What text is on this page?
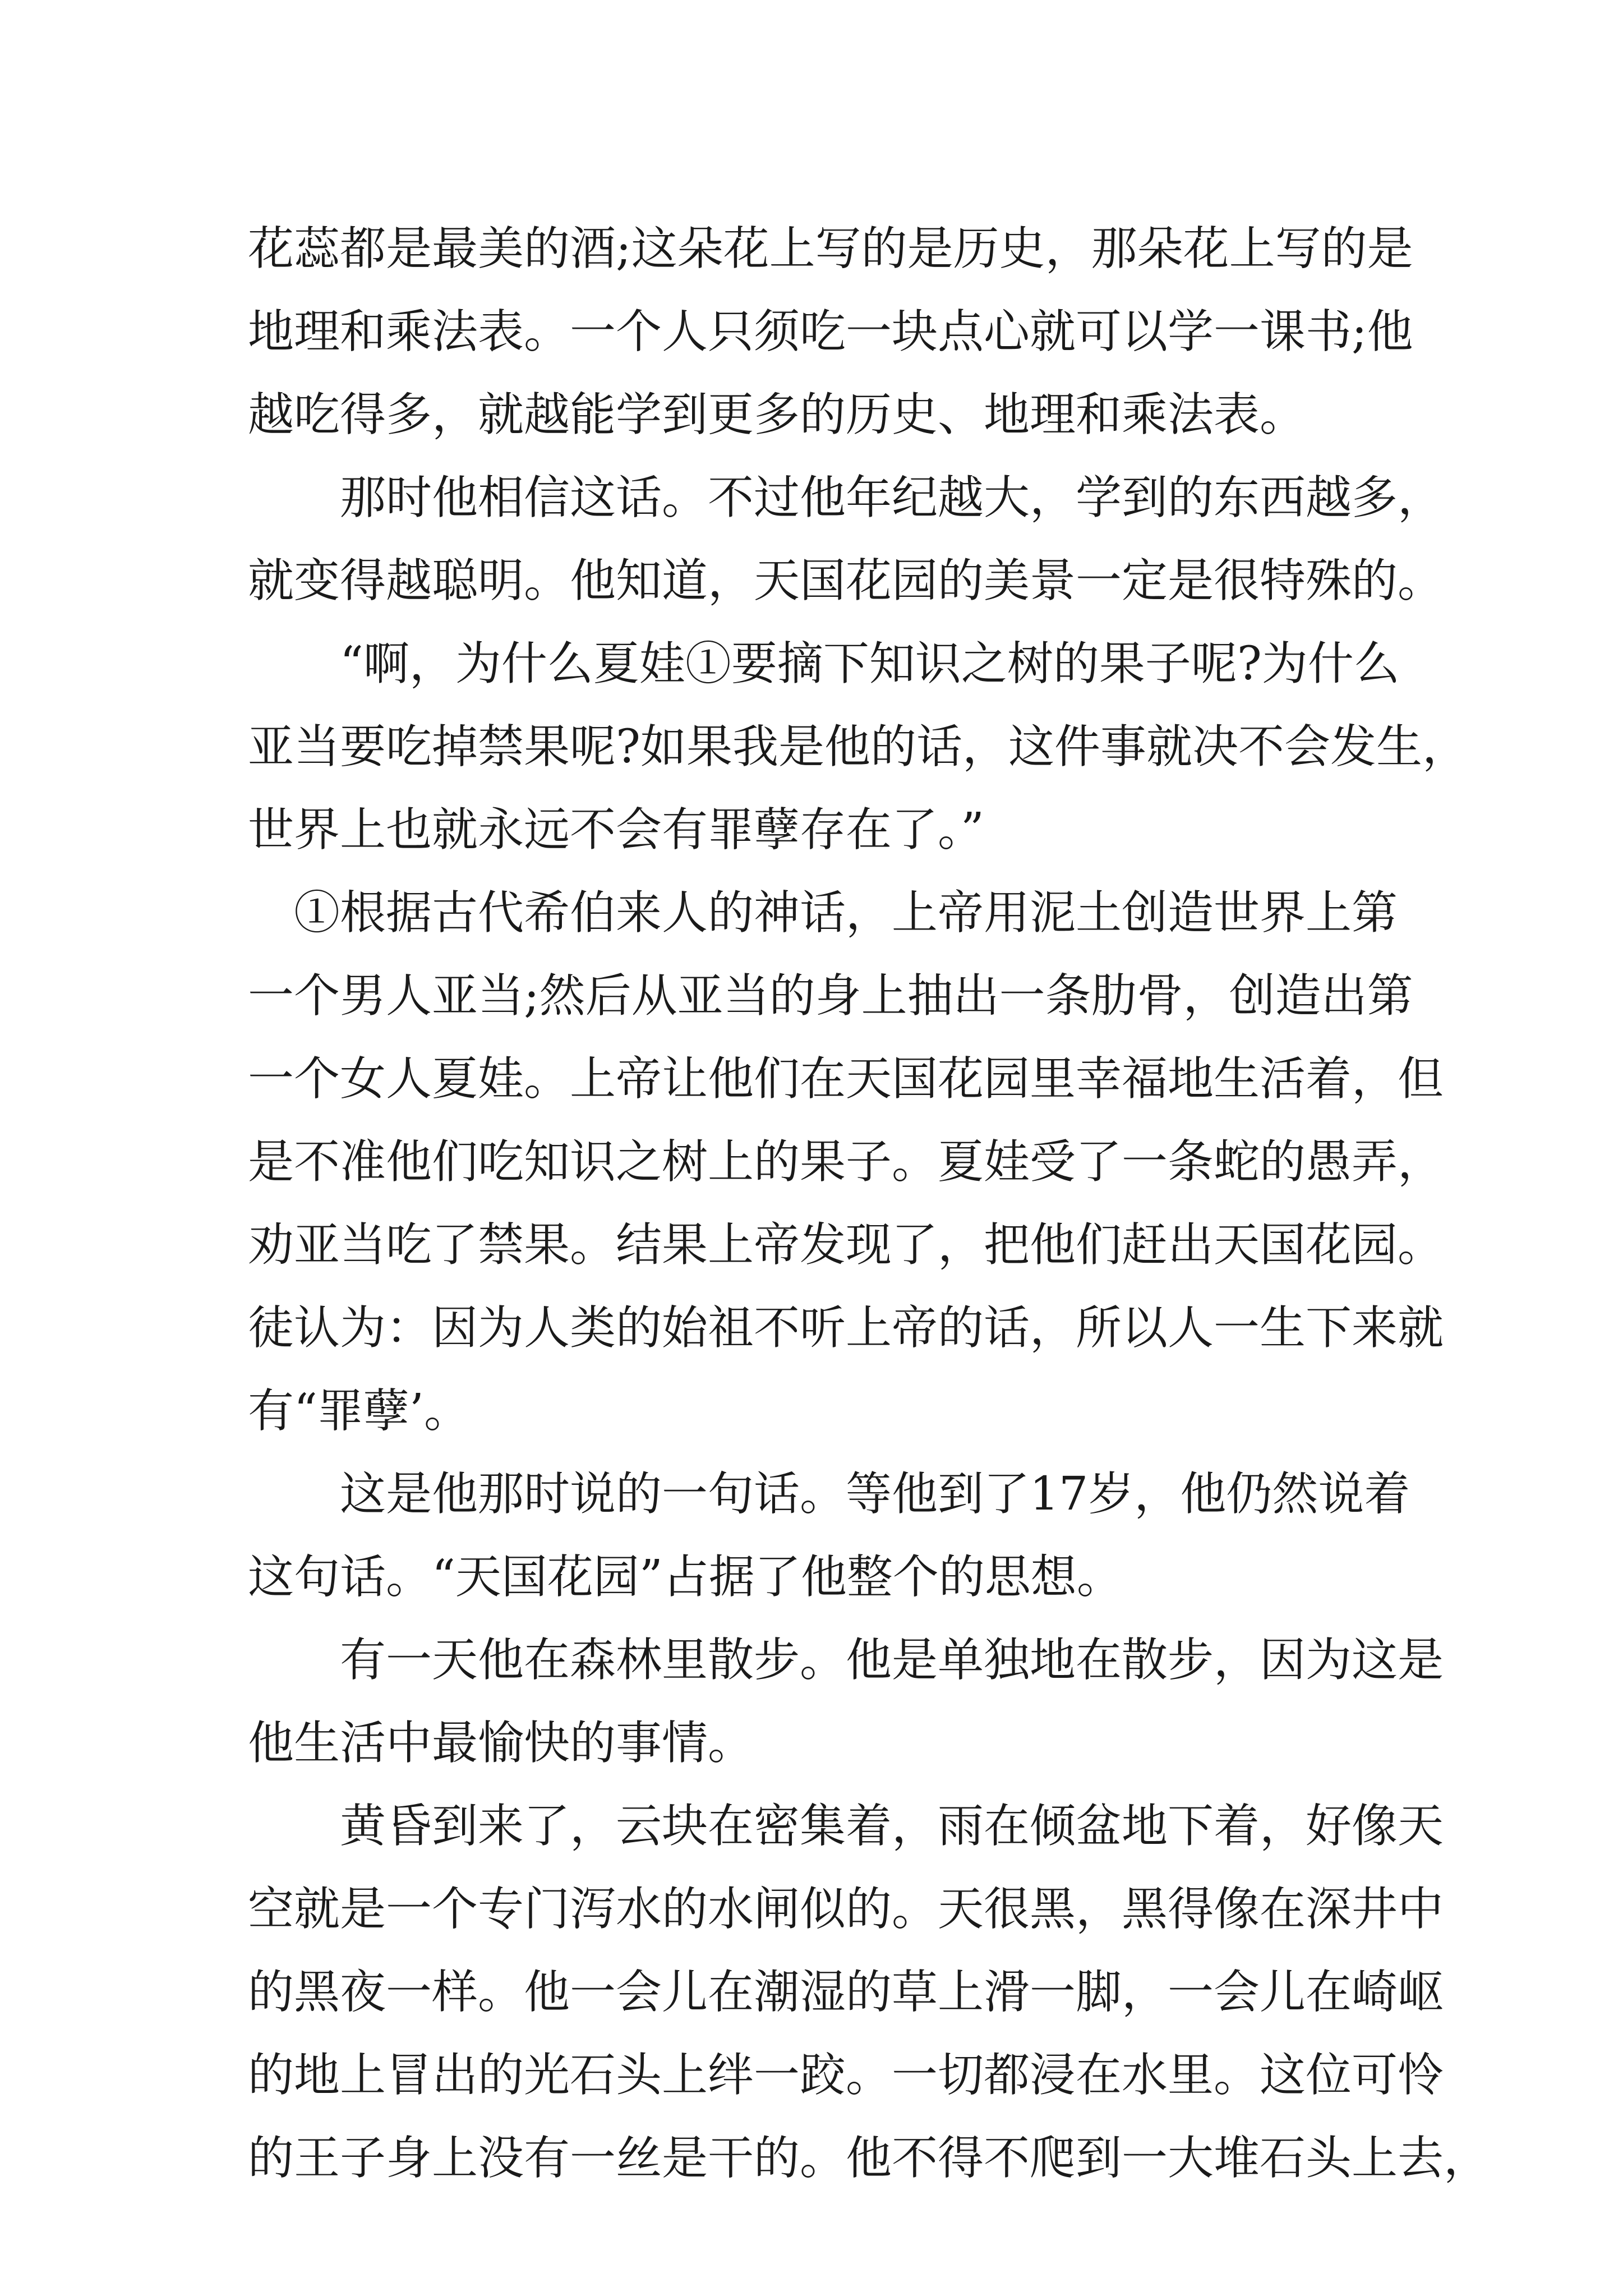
花蕊都是最美的酒;这朵花上写的是历史，那朵花上写的是
地理和乘法表。一个人只须吃一块点心就可以学一课书;他
越吃得多，就越能学到更多的历史、地理和乘法表。
　　那时他相信这话。不过他年纪越大，学到的东西越多，
就变得越聪明。他知道，天国花园的美景一定是很特殊的。
　　“啊，为什么夏娃①要摘下知识之树的果子呢?为什么
亚当要吃掉禁果呢?如果我是他的话，这件事就决不会发生，
世界上也就永远不会有罪孽存在了。”
　①根据古代希伯来人的神话，上帝用泥土创造世界上第
一个男人亚当;然后从亚当的身上抽出一条肋骨，创造出第
一个女人夏娃。上帝让他们在天国花园里幸福地生活着，但
是不准他们吃知识之树上的果子。夏娃受了一条蛇的愚弄，
劝亚当吃了禁果。结果上帝发现了，把他们赶出天国花园。
徒认为：因为人类的始祖不听上帝的话，所以人一生下来就
有“罪孽’。
　　这是他那时说的一句话。等他到了17岁，他仍然说着
这句话。“天国花园”占据了他整个的思想。
　　有一天他在森林里散步。他是单独地在散步，因为这是
他生活中最愉快的事情。
　　黄昏到来了，云块在密集着，雨在倾盆地下着，好像天
空就是一个专门泻水的水闸似的。天很黑，黑得像在深井中
的黑夜一样。他一会儿在潮湿的草上滑一脚，一会儿在崎岖
的地上冒出的光石头上绊一跤。一切都浸在水里。这位可怜
的王子身上没有一丝是干的。他不得不爬到一大堆石头上去，
